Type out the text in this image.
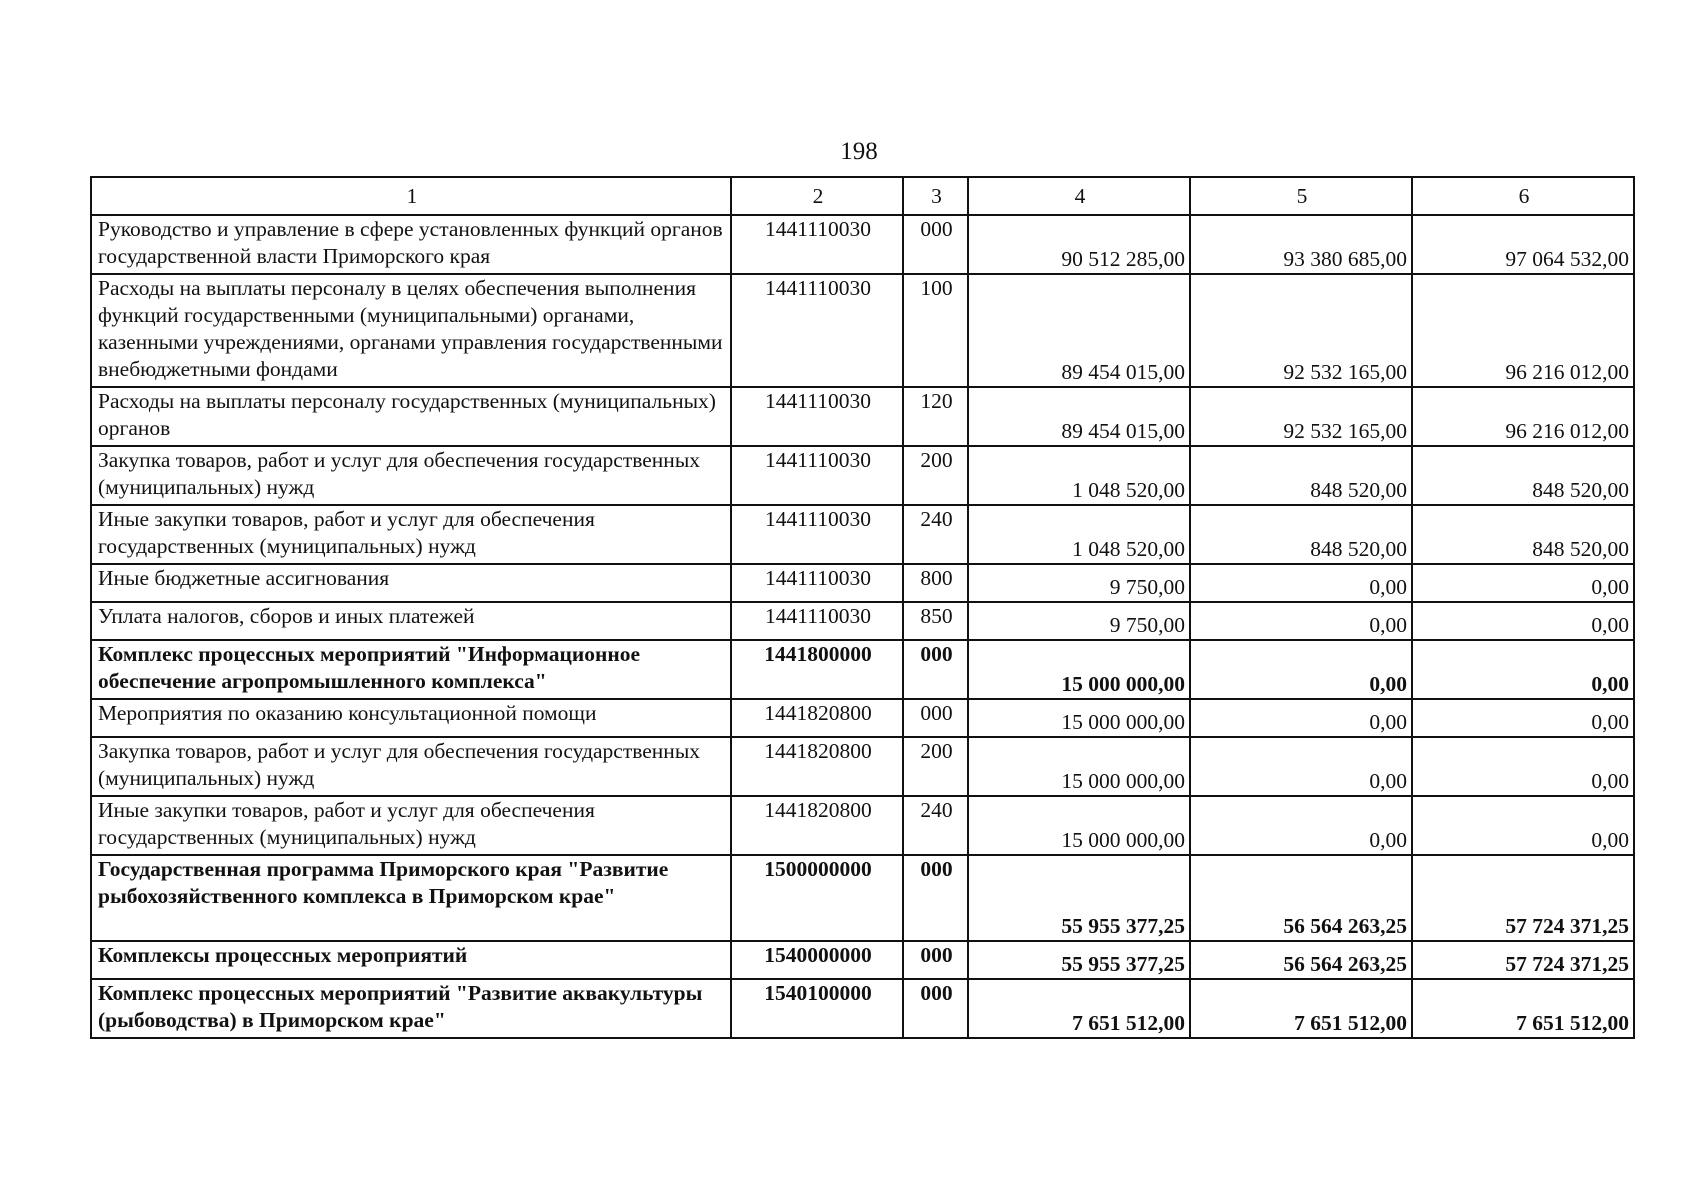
198
1	2	3	4	5	6
Руководство и управление в сфере установленных функций органов государственной власти Приморского края	1441110030	000	90 512 285,00	93 380 685,00	97 064 532,00
Расходы на выплаты персоналу в целях обеспечения выполнения функций государственными (муниципальными) органами, казенными учреждениями, органами управления государственными внебюджетными фондами	1441110030	100	89 454 015,00	92 532 165,00	96 216 012,00
Расходы на выплаты персоналу государственных (муниципальных) органов	1441110030	120	89 454 015,00	92 532 165,00	96 216 012,00
Закупка товаров, работ и услуг для обеспечения государственных (муниципальных) нужд	1441110030	200	1 048 520,00	848 520,00	848 520,00
Иные закупки товаров, работ и услуг для обеспечения государственных (муниципальных) нужд	1441110030	240	1 048 520,00	848 520,00	848 520,00
Иные бюджетные ассигнования	1441110030	800	9 750,00	0,00	0,00
Уплата налогов, сборов и иных платежей	1441110030	850	9 750,00	0,00	0,00
Комплекс процессных мероприятий "Информационное обеспечение агропромышленного комплекса"	1441800000	000	15 000 000,00	0,00	0,00
Мероприятия по оказанию консультационной помощи	1441820800	000	15 000 000,00	0,00	0,00
Закупка товаров, работ и услуг для обеспечения государственных (муниципальных) нужд	1441820800	200	15 000 000,00	0,00	0,00
Иные закупки товаров, работ и услуг для обеспечения государственных (муниципальных) нужд	1441820800	240	15 000 000,00	0,00	0,00
Государственная программа Приморского края "Развитие рыбохозяйственного комплекса в Приморском крае"	1500000000	000	55 955 377,25	56 564 263,25	57 724 371,25
Комплексы процессных мероприятий	1540000000	000	55 955 377,25	56 564 263,25	57 724 371,25
Комплекс процессных мероприятий "Развитие аквакультуры (рыбоводства) в Приморском крае"	1540100000	000	7 651 512,00	7 651 512,00	7 651 512,00
